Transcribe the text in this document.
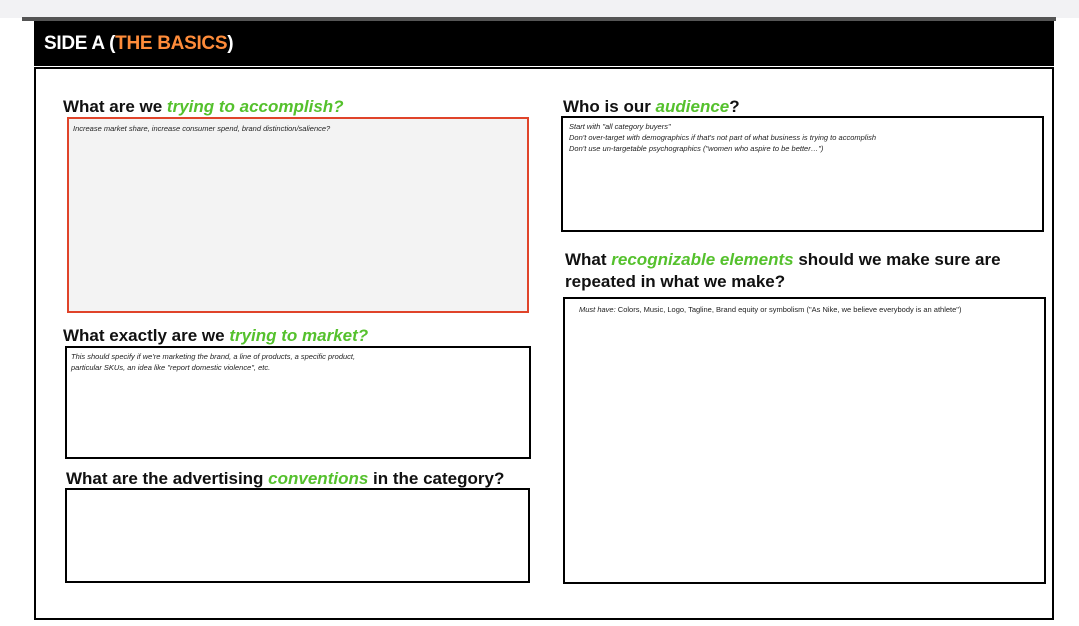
SIDE A (THE BASICS)
What are we trying to accomplish?
Increase market share, increase consumer spend, brand distinction/salience?
What exactly are we trying to market?
This should specify if we're marketing the brand, a line of products, a specific product,
particular SKUs, an idea like "report domestic violence", etc.
What are the advertising conventions in the category?
Who is our audience?
Start with "all category buyers"
Don't over-target with demographics if that's not part of what business is trying to accomplish
Don't use un-targetable psychographics ("women who aspire to be better…")
What recognizable elements should we make sure are
repeated in what we make?
Must have: Colors, Music, Logo, Tagline, Brand equity or symbolism ("As Nike, we believe everybody is an athlete")
